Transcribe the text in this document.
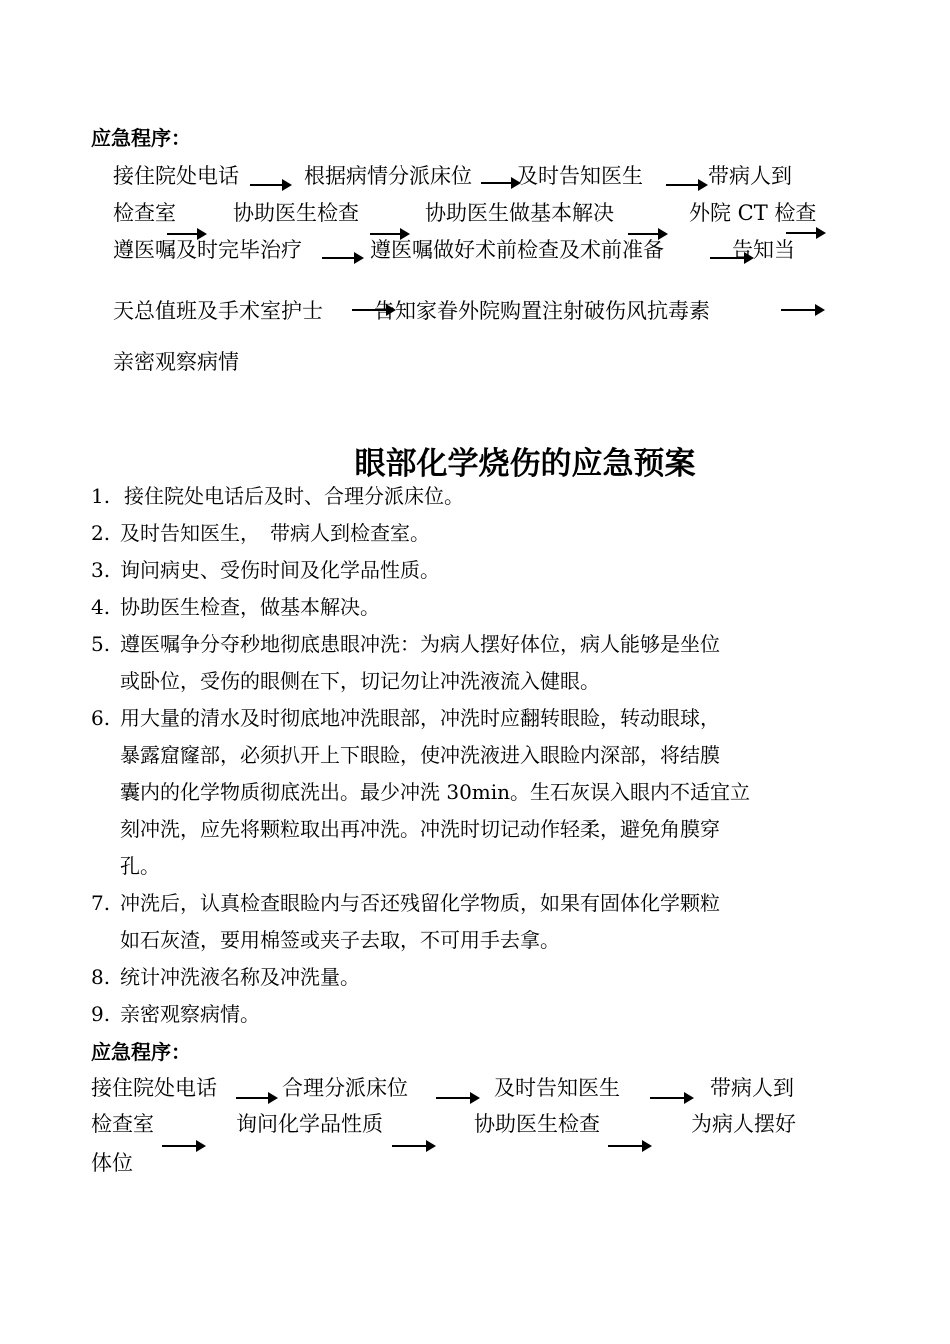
应急程序：
接住院处电话	根据病情分派床位 及时告知医生	带病人到
检查室	协助医生检查	协助医生做基本解决	外院 CT 检查
遵医嘱及时完毕治疗	遵医嘱做好术前检查及术前准备	告知当
天总值班及手术室护士 告知家眷外院购置注射破伤风抗毒素
亲密观察病情
眼部化学烧伤的应急预案
1. 接住院处电话后及时、合理分派床位。
2. 及时告知医生，　带病人到检查室。
3. 询问病史、受伤时间及化学品性质。
4. 协助医生检查，做基本解决。
5. 遵医嘱争分夺秒地彻底患眼冲洗：为病人摆好体位，病人能够是坐位
或卧位，受伤的眼侧在下，切记勿让冲洗液流入健眼。
6. 用大量的清水及时彻底地冲洗眼部，冲洗时应翻转眼睑，转动眼球，
暴露窟窿部，必须扒开上下眼睑，使冲洗液进入眼睑内深部，将结膜
囊内的化学物质彻底洗出。最少冲洗 30min。生石灰误入眼内不适宜立
刻冲洗，应先将颗粒取出再冲洗。冲洗时切记动作轻柔，避免角膜穿
孔。
7. 冲洗后，认真检查眼睑内与否还残留化学物质，如果有固体化学颗粒
如石灰渣，要用棉签或夹子去取，不可用手去拿。
8. 统计冲洗液名称及冲洗量。
9. 亲密观察病情。
应急程序：
接住院处电话	合理分派床位	及时告知医生	带病人到
检查室	询问化学品性质	协助医生检查	为病人摆好
体位
